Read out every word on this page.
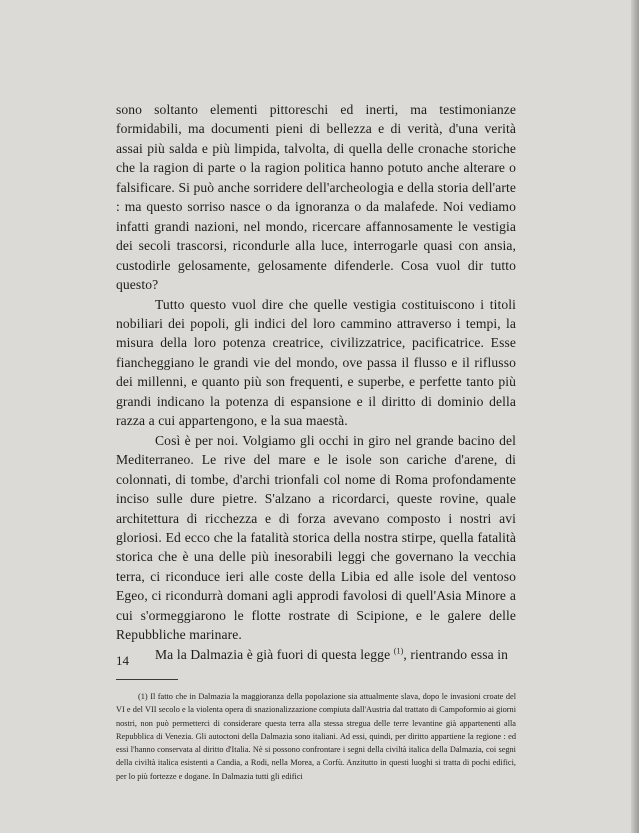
sono soltanto elementi pittoreschi ed inerti, ma testimonianze formidabili, ma documenti pieni di bellezza e di verità, d'una verità assai più salda e più limpida, talvolta, di quella delle cronache storiche che la ragion di parte o la ragion politica hanno potuto anche alterare o falsificare. Si può anche sorridere dell'archeologia e della storia dell'arte : ma questo sorriso nasce o da ignoranza o da malafede. Noi vediamo infatti grandi nazioni, nel mondo, ricercare affannosamente le vestigia dei secoli trascorsi, ricondurle alla luce, interrogarle quasi con ansia, custodirle gelosamente, gelosamente difenderle. Cosa vuol dir tutto questo?

Tutto questo vuol dire che quelle vestigia costituiscono i titoli nobiliari dei popoli, gli indici del loro cammino attraverso i tempi, la misura della loro potenza creatrice, civilizzatrice, pacificatrice. Esse fiancheggiano le grandi vie del mondo, ove passa il flusso e il riflusso dei millenni, e quanto più son frequenti, e superbe, e perfette tanto più grandi indicano la potenza di espansione e il diritto di dominio della razza a cui appartengono, e la sua maestà.

Così è per noi. Volgiamo gli occhi in giro nel grande bacino del Mediterraneo. Le rive del mare e le isole son cariche d'arene, di colonnati, di tombe, d'archi trionfali col nome di Roma profondamente inciso sulle dure pietre. S'alzano a ricordarci, queste rovine, quale architettura di ricchezza e di forza avevano composto i nostri avi gloriosi. Ed ecco che la fatalità storica della nostra stirpe, quella fatalità storica che è una delle più inesorabili leggi che governano la vecchia terra, ci riconduce ieri alle coste della Libia ed alle isole del ventoso Egeo, ci ricondurrà domani agli approdi favolosi di quell'Asia Minore a cui s'ormeggiarono le flotte rostrate di Scipione, e le galere delle Repubbliche marinare.

Ma la Dalmazia è già fuori di questa legge $^{(1)}$, rientrando essa in

(1) Il fatto che in Dalmazia la maggioranza della popolazione sia attualmente slava, dopo le invasioni croate del VI e del VII secolo e la violenta opera di snazionalizzazione compiuta dall'Austria dal trattato di Campoformio ai giorni nostri, non può permetterci di considerare questa terra alla stessa stregua delle terre levantine già appartenenti alla Repubblica di Venezia. Gli autoctoni della Dalmazia sono italiani. Ad essi, quindi, per diritto appartiene la regione : ed essi l'hanno conservata al diritto d'Italia. Nè si possono confrontare i segni della civiltà italica della Dalmazia, coi segni della civiltà italica esistenti a Candia, a Rodi, nella Morea, a Corfù. Anzitutto in questi luoghi si tratta di pochi edifici, per lo più fortezze e dogane. In Dalmazia tutti gli edifici

14
